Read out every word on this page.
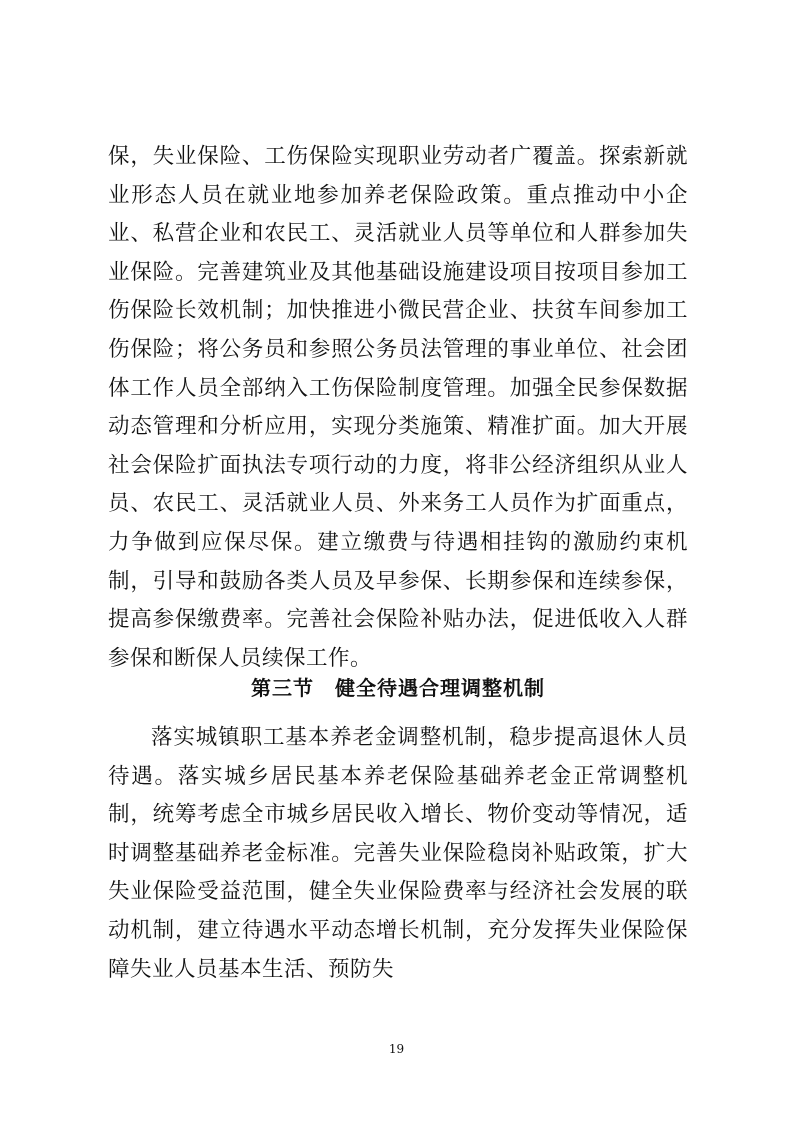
保，失业保险、工伤保险实现职业劳动者广覆盖。探索新就业形态人员在就业地参加养老保险政策。重点推动中小企业、私营企业和农民工、灵活就业人员等单位和人群参加失业保险。完善建筑业及其他基础设施建设项目按项目参加工伤保险长效机制；加快推进小微民营企业、扶贫车间参加工伤保险；将公务员和参照公务员法管理的事业单位、社会团体工作人员全部纳入工伤保险制度管理。加强全民参保数据动态管理和分析应用，实现分类施策、精准扩面。加大开展社会保险扩面执法专项行动的力度，将非公经济组织从业人员、农民工、灵活就业人员、外来务工人员作为扩面重点，力争做到应保尽保。建立缴费与待遇相挂钩的激励约束机制，引导和鼓励各类人员及早参保、长期参保和连续参保，提高参保缴费率。完善社会保险补贴办法，促进低收入人群参保和断保人员续保工作。

第三节　健全待遇合理调整机制

落实城镇职工基本养老金调整机制，稳步提高退休人员待遇。落实城乡居民基本养老保险基础养老金正常调整机制，统筹考虑全市城乡居民收入增长、物价变动等情况，适时调整基础养老金标准。完善失业保险稳岗补贴政策，扩大失业保险受益范围，健全失业保险费率与经济社会发展的联动机制，建立待遇水平动态增长机制，充分发挥失业保险保障失业人员基本生活、预防失

19
